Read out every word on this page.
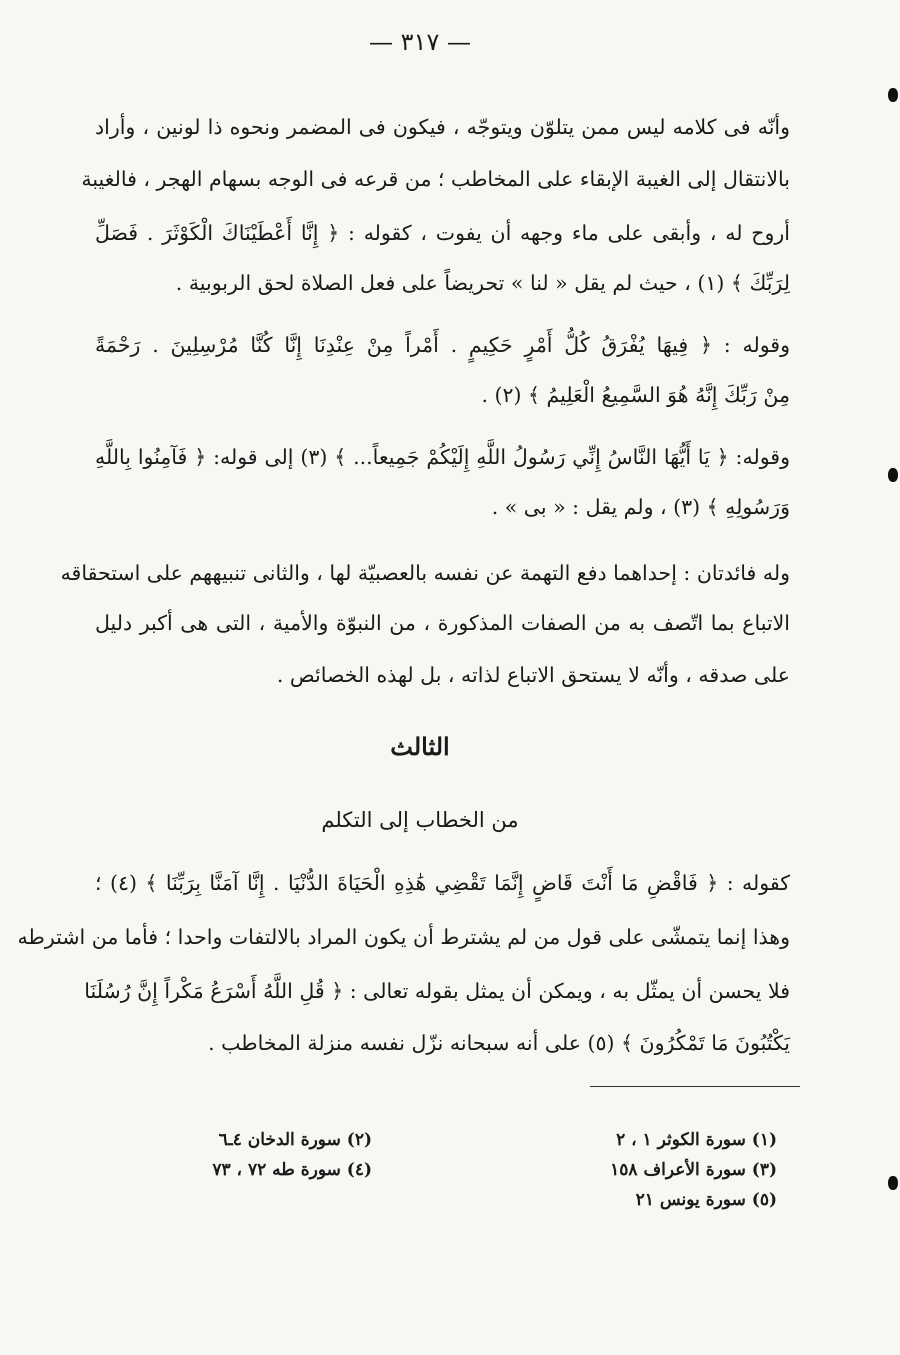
— ٣١٧ —
وأنّه فى كلامه ليس ممن يتلوّن ويتوجّه ، فيكون فى المضمر ونحوه ذا لونين ، وأراد
بالانتقال إلى الغيبة الإبقاء على المخاطب ؛ من قرعه فى الوجه بسهام الهجر ، فالغيبة
أروح له ، وأبقى على ماء وجهه أن يفوت ، كقوله : ﴿ إِنَّا أَعْطَيْنَاكَ الْكَوْثَرَ . فَصَلِّ
لِرَبِّكَ ﴾ (١) ، حيث لم يقل « لنا » تحريضاً على فعل الصلاة لحق الربوبية .
وقوله : ﴿ فِيهَا يُفْرَقُ كُلُّ أَمْرٍ حَكِيمٍ . أَمْراً مِنْ عِنْدِنَا إِنَّا كُنَّا مُرْسِلِينَ . رَحْمَةً
مِنْ رَبِّكَ إِنَّهُ هُوَ السَّمِيعُ الْعَلِيمُ ﴾ (٢) .
وقوله: ﴿ يَا أَيُّهَا النَّاسُ إِنِّي رَسُولُ اللَّهِ إِلَيْكُمْ جَمِيعاً... ﴾ (٣) إلى قوله: ﴿ فَآمِنُوا بِاللَّهِ
وَرَسُولِهِ ﴾ (٣) ، ولم يقل : « بى » .
وله فائدتان : إحداهما دفع التهمة عن نفسه بالعصبيّة لها ، والثانى تنبيههم على استحقاقه
الاتباع بما اتّصف به من الصفات المذكورة ، من النبوّة والأمية ، التى هى أكبر دليل
على صدقه ، وأنّه لا يستحق الاتباع لذاته ، بل لهذه الخصائص .
الثالث
من الخطاب إلى التكلم
كقوله : ﴿ فَاقْضِ مَا أَنْتَ قَاضٍ إِنَّمَا تَقْضِي هَٰذِهِ الْحَيَاةَ الدُّنْيَا . إِنَّا آمَنَّا بِرَبِّنَا ﴾ (٤) ؛
وهذا إنما يتمشّى على قول من لم يشترط أن يكون المراد بالالتفات واحدا ؛ فأما من اشترطه
فلا يحسن أن يمثّل به ، ويمكن أن يمثل بقوله تعالى : ﴿ قُلِ اللَّهُ أَسْرَعُ مَكْراً إِنَّ رُسُلَنَا
يَكْتُبُونَ مَا تَمْكُرُونَ ﴾ (٥) على أنه سبحانه نزّل نفسه منزلة المخاطب .
(١) سورة الكوثر ١ ، ٢
(٢) سورة الدخان ٤ـ٦
(٣) سورة الأعراف ١٥٨
(٤) سورة طه ٧٢ ، ٧٣
(٥) سورة يونس ٢١
